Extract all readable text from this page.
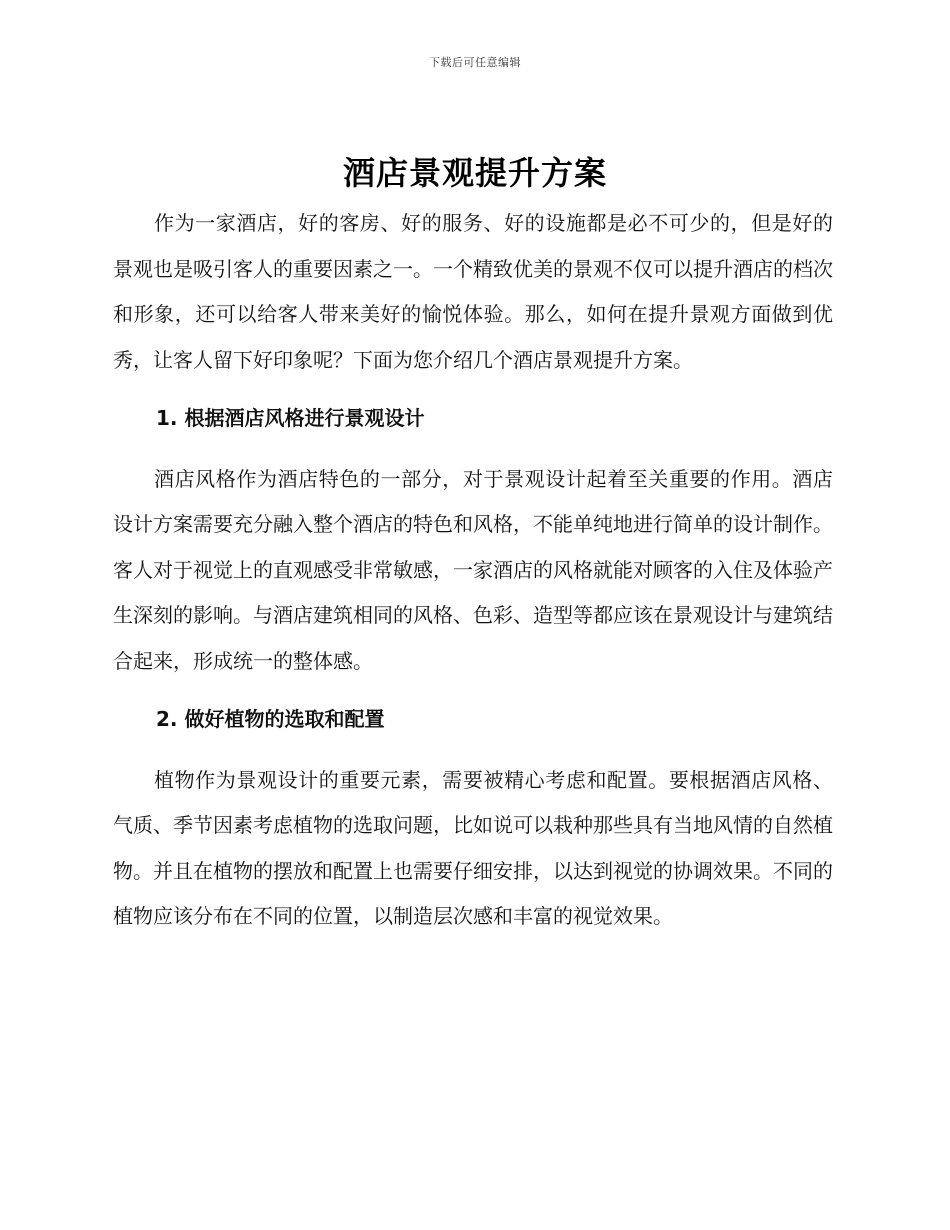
下载后可任意编辑
酒店景观提升方案

作为一家酒店，好的客房、好的服务、好的设施都是必不可少的，但是好的景观也是吸引客人的重要因素之一。一个精致优美的景观不仅可以提升酒店的档次和形象，还可以给客人带来美好的愉悦体验。那么，如何在提升景观方面做到优秀，让客人留下好印象呢？下面为您介绍几个酒店景观提升方案。

1. 根据酒店风格进行景观设计

酒店风格作为酒店特色的一部分，对于景观设计起着至关重要的作用。酒店设计方案需要充分融入整个酒店的特色和风格，不能单纯地进行简单的设计制作。客人对于视觉上的直观感受非常敏感，一家酒店的风格就能对顾客的入住及体验产生深刻的影响。与酒店建筑相同的风格、色彩、造型等都应该在景观设计与建筑结合起来，形成统一的整体感。

2. 做好植物的选取和配置

植物作为景观设计的重要元素，需要被精心考虑和配置。要根据酒店风格、气质、季节因素考虑植物的选取问题，比如说可以栽种那些具有当地风情的自然植物。并且在植物的摆放和配置上也需要仔细安排，以达到视觉的协调效果。不同的植物应该分布在不同的位置，以制造层次感和丰富的视觉效果。
